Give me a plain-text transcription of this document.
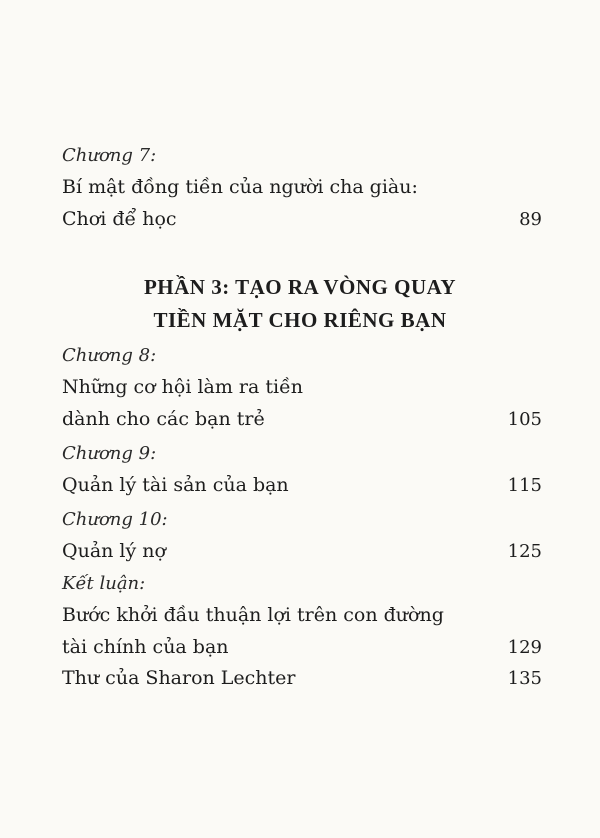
Chương 7:
Bí mật đồng tiền của người cha giàu:
Chơi để học	89
PHẦN 3: TẠO RA VÒNG QUAY
TIỀN MẶT CHO RIÊNG BẠN
Chương 8:
Những cơ hội làm ra tiền
dành cho các bạn trẻ	105
Chương 9:
Quản lý tài sản của bạn	115
Chương 10:
Quản lý nợ	125
Kết luận:
Bước khởi đầu thuận lợi trên con đường
tài chính của bạn	129
Thư của Sharon Lechter	135
